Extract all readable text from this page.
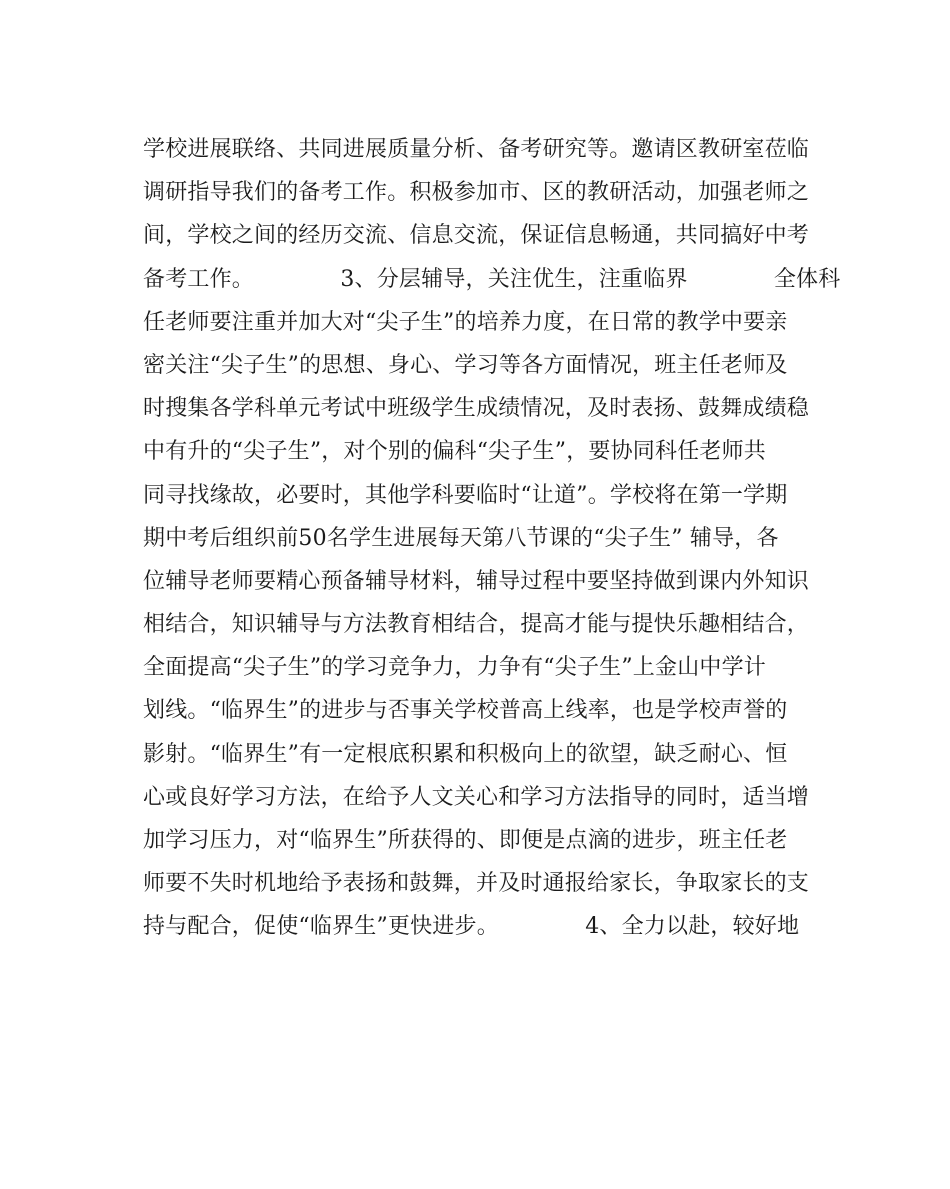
学校进展联络、共同进展质量分析、备考研究等。邀请区教研室莅临
调研指导我们的备考工作。积极参加市、区的教研活动，加强老师之
间，学校之间的经历交流、信息交流，保证信息畅通，共同搞好中考
备考工作。            3、分层辅导，关注优生，注重临界            全体科
任老师要注重并加大对“尖子生”的培养力度，在日常的教学中要亲
密关注“尖子生”的思想、身心、学习等各方面情况，班主任老师及
时搜集各学科单元考试中班级学生成绩情况，及时表扬、鼓舞成绩稳
中有升的“尖子生”，对个别的偏科“尖子生”，要协同科任老师共
同寻找缘故，必要时，其他学科要临时“让道”。学校将在第一学期
期中考后组织前50名学生进展每天第八节课的“尖子生” 辅导，各
位辅导老师要精心预备辅导材料，辅导过程中要坚持做到课内外知识
相结合，知识辅导与方法教育相结合，提高才能与提快乐趣相结合，
全面提高“尖子生”的学习竞争力，力争有“尖子生”上金山中学计
划线。“临界生”的进步与否事关学校普高上线率，也是学校声誉的
影射。“临界生”有一定根底积累和积极向上的欲望，缺乏耐心、恒
心或良好学习方法，在给予人文关心和学习方法指导的同时，适当增
加学习压力，对“临界生”所获得的、即便是点滴的进步，班主任老
师要不失时机地给予表扬和鼓舞，并及时通报给家长，争取家长的支
持与配合，促使“临界生”更快进步。            4、全力以赴，较好地
